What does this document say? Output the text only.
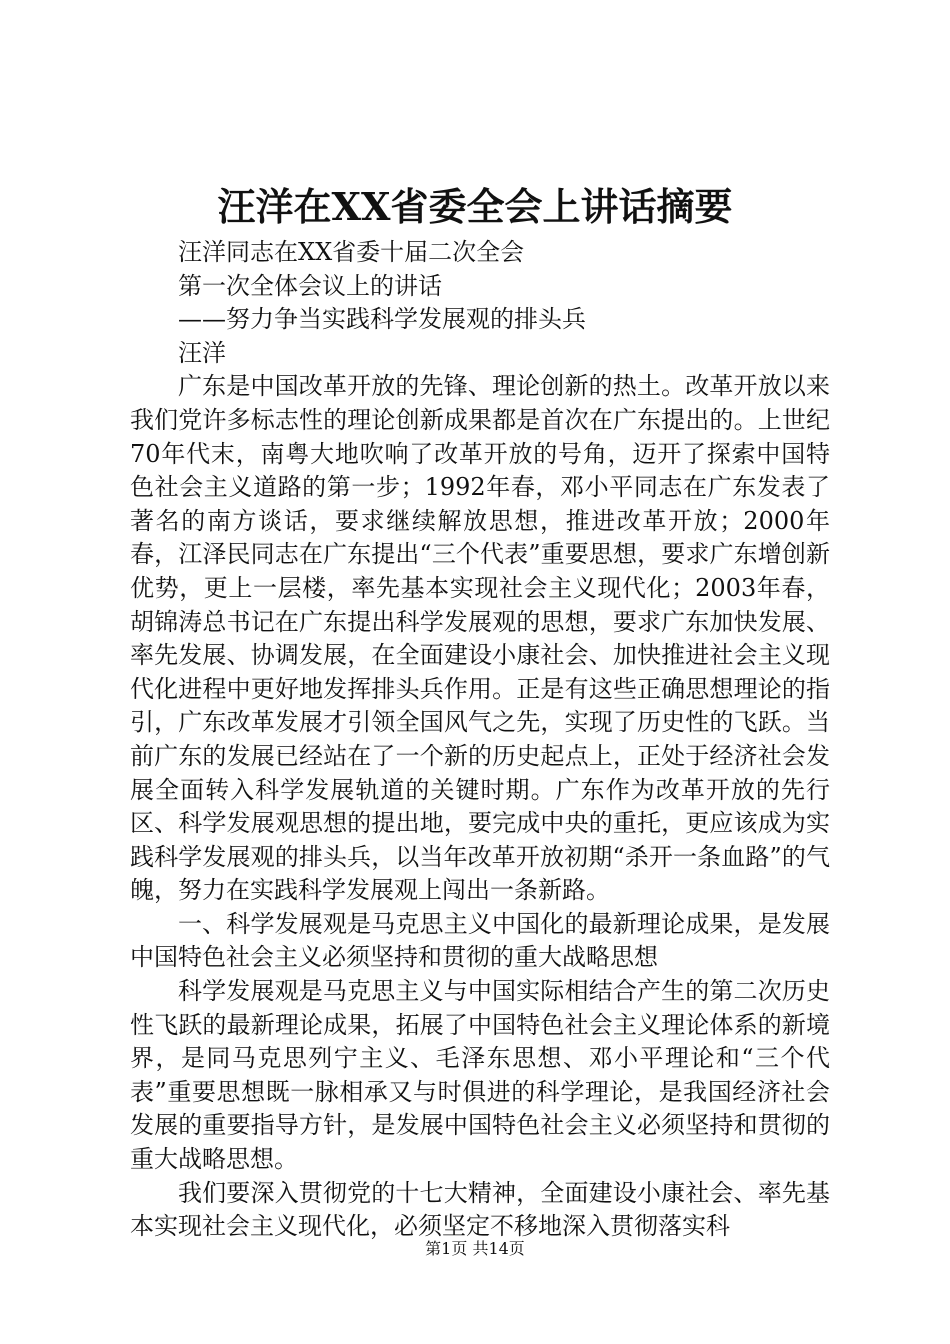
汪洋在XX省委全会上讲话摘要

汪洋同志在XX省委十届二次全会

第一次全体会议上的讲话

——努力争当实践科学发展观的排头兵

汪洋

广东是中国改革开放的先锋、理论创新的热土。改革开放以来我们党许多标志性的理论创新成果都是首次在广东提出的。上世纪70年代末，南粤大地吹响了改革开放的号角，迈开了探索中国特色社会主义道路的第一步；1992年春，邓小平同志在广东发表了著名的南方谈话，要求继续解放思想，推进改革开放；2000年春，江泽民同志在广东提出“三个代表”重要思想，要求广东增创新优势，更上一层楼，率先基本实现社会主义现代化；2003年春，胡锦涛总书记在广东提出科学发展观的思想，要求广东加快发展、率先发展、协调发展，在全面建设小康社会、加快推进社会主义现代化进程中更好地发挥排头兵作用。正是有这些正确思想理论的指引，广东改革发展才引领全国风气之先，实现了历史性的飞跃。当前广东的发展已经站在了一个新的历史起点上，正处于经济社会发展全面转入科学发展轨道的关键时期。广东作为改革开放的先行区、科学发展观思想的提出地，要完成中央的重托，更应该成为实践科学发展观的排头兵，以当年改革开放初期“杀开一条血路”的气魄，努力在实践科学发展观上闯出一条新路。

一、科学发展观是马克思主义中国化的最新理论成果，是发展中国特色社会主义必须坚持和贯彻的重大战略思想

科学发展观是马克思主义与中国实际相结合产生的第二次历史性飞跃的最新理论成果，拓展了中国特色社会主义理论体系的新境界，是同马克思列宁主义、毛泽东思想、邓小平理论和“三个代表”重要思想既一脉相承又与时俱进的科学理论，是我国经济社会发展的重要指导方针，是发展中国特色社会主义必须坚持和贯彻的重大战略思想。

我们要深入贯彻党的十七大精神，全面建设小康社会、率先基本实现社会主义现代化，必须坚定不移地深入贯彻落实科

第1页 共14页
